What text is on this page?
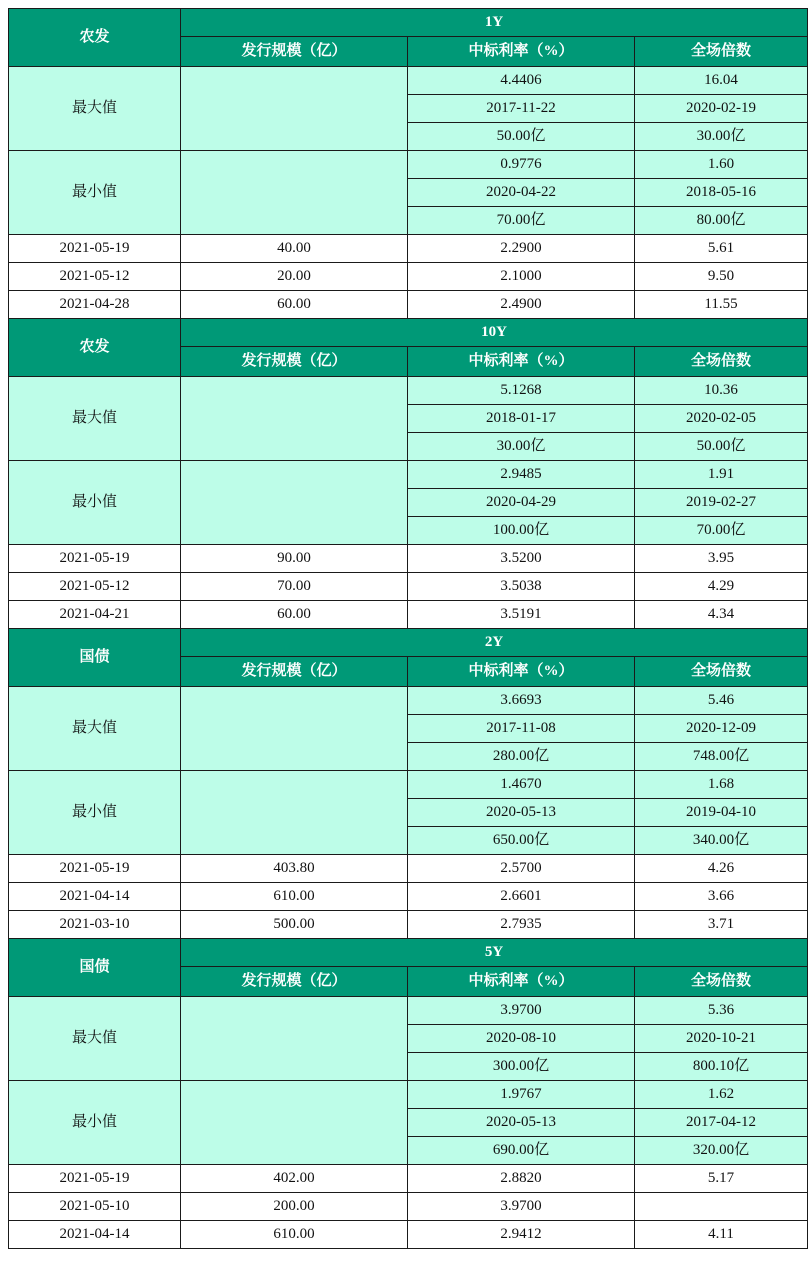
农发	1Y		
	发行规模（亿）	中标利率（%）	全场倍数
最大值		4.4406	16.04
		2017-11-22	2020-02-19
		50.00亿	30.00亿
最小值		0.9776	1.60
		2020-04-22	2018-05-16
		70.00亿	80.00亿
2021-05-19	40.00	2.2900	5.61
2021-05-12	20.00	2.1000	9.50
2021-04-28	60.00	2.4900	11.55
农发	10Y		
	发行规模（亿）	中标利率（%）	全场倍数
最大值		5.1268	10.36
		2018-01-17	2020-02-05
		30.00亿	50.00亿
最小值		2.9485	1.91
		2020-04-29	2019-02-27
		100.00亿	70.00亿
2021-05-19	90.00	3.5200	3.95
2021-05-12	70.00	3.5038	4.29
2021-04-21	60.00	3.5191	4.34
国债	2Y		
	发行规模（亿）	中标利率（%）	全场倍数
最大值		3.6693	5.46
		2017-11-08	2020-12-09
		280.00亿	748.00亿
最小值		1.4670	1.68
		2020-05-13	2019-04-10
		650.00亿	340.00亿
2021-05-19	403.80	2.5700	4.26
2021-04-14	610.00	2.6601	3.66
2021-03-10	500.00	2.7935	3.71
国债	5Y		
	发行规模（亿）	中标利率（%）	全场倍数
最大值		3.9700	5.36
		2020-08-10	2020-10-21
		300.00亿	800.10亿
最小值		1.9767	1.62
		2020-05-13	2017-04-12
		690.00亿	320.00亿
2021-05-19	402.00	2.8820	5.17
2021-05-10	200.00	3.9700	
2021-04-14	610.00	2.9412	4.11
